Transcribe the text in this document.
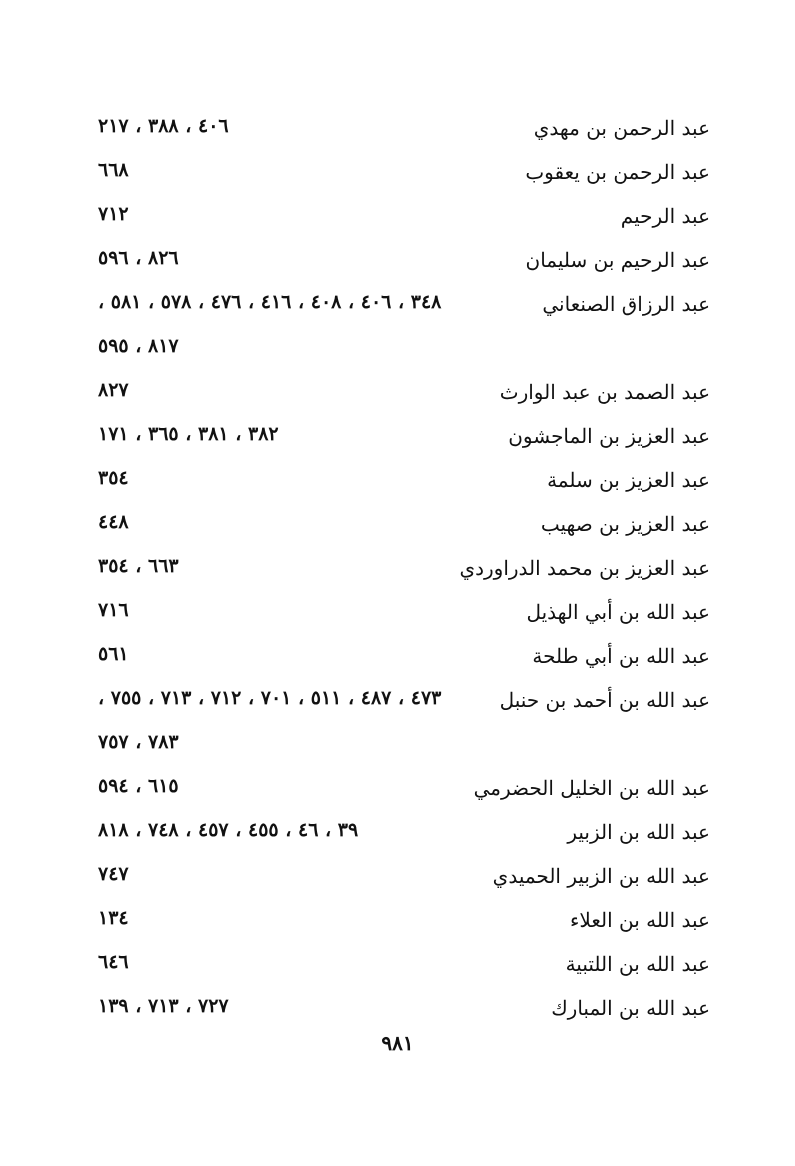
عبد الرحمن بن مهدي
٤٠٦ ، ٣٨٨ ، ٢١٧
عبد الرحمن بن يعقوب
٦٦٨
عبد الرحيم
٧١٢
عبد الرحيم بن سليمان
٨٢٦ ، ٥٩٦
عبد الرزاق الصنعاني
٣٤٨ ، ٤٠٦ ، ٤٠٨ ، ٤١٦ ، ٤٧٦ ، ٥٧٨ ، ٥٨١ ،
٨١٧ ، ٥٩٥
عبد الصمد بن عبد الوارث
٨٢٧
عبد العزيز بن الماجشون
٣٨٢ ، ٣٨١ ، ٣٦٥ ، ١٧١
عبد العزيز بن سلمة
٣٥٤
عبد العزيز بن صهيب
٤٤٨
عبد العزيز بن محمد الدراوردي
٦٦٣ ، ٣٥٤
عبد الله بن أبي الهذيل
٧١٦
عبد الله بن أبي طلحة
٥٦١
عبد الله بن أحمد بن حنبل
٤٧٣ ، ٤٨٧ ، ٥١١ ، ٧٠١ ، ٧١٢ ، ٧١٣ ، ٧٥٥ ،
٧٨٣ ، ٧٥٧
عبد الله بن الخليل الحضرمي
٦١٥ ، ٥٩٤
عبد الله بن الزبير
٣٩ ، ٤٦ ، ٤٥٥ ، ٤٥٧ ، ٧٤٨ ، ٨١٨
عبد الله بن الزبير الحميدي
٧٤٧
عبد الله بن العلاء
١٣٤
عبد الله بن اللتبية
٦٤٦
عبد الله بن المبارك
٧٢٧ ، ٧١٣ ، ١٣٩
٩٨١
